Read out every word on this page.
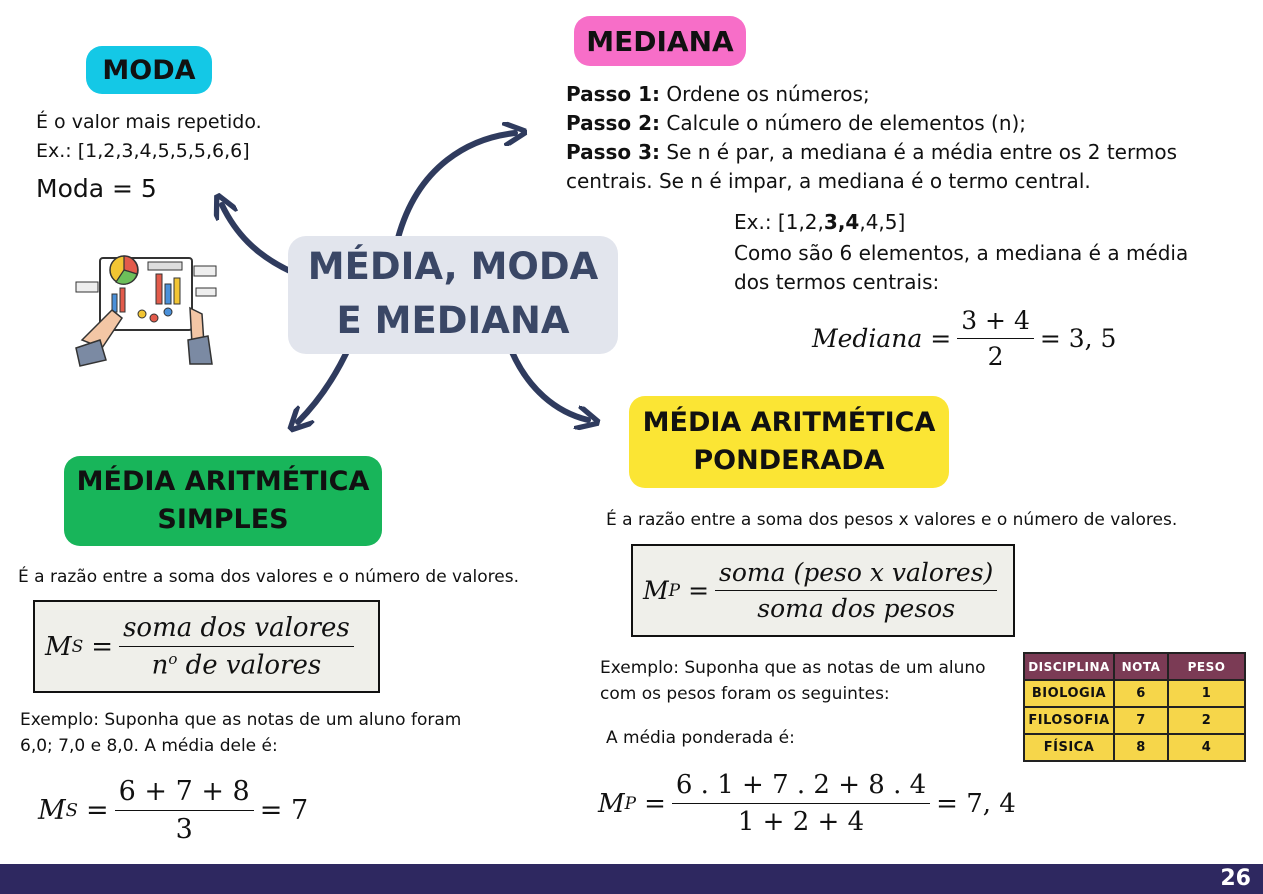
MÉDIA, MODA
E MEDIANA
MODA
É o valor mais repetido.
Ex.: [1,2,3,4,5,5,5,6,6]
Moda = 5
MEDIANA
Passo 1: Ordene os números;
Passo 2: Calcule o número de elementos (n);
Passo 3: Se n é par, a mediana é a média entre os 2 termos
centrais. Se n é impar, a mediana é o termo central.
Ex.: [1,2,3,4,4,5]
Como são 6 elementos, a mediana é a média
dos termos centrais:
Mediana = $\frac{3 + 4}{2} = 3$, 5
MÉDIA ARITMÉTICA
SIMPLES
É a razão entre a soma dos valores e o número de valores.
M $S = \frac{\text{soma dos valores}}{n^o de valores}$
Exemplo: Suponha que as notas de um aluno foram
6,0; 7,0 e 8,0. A média dele é:
M $S = \frac{6 + 7 + 8}{3} = 7$
MÉDIA ARITMÉTICA
PONDERADA
É a razão entre a soma dos pesos x valores e o número de valores.
M $P = \frac{\text{soma (peso x valores)}}{\text{soma dos pesos}}$
Exemplo: Suponha que as notas de um aluno
com os pesos foram os seguintes:
A média ponderada é:
M $P = \frac{6 . 1 + 7 . 2 + 8 . 4}{1 + 2 + 4} = 7$, 4
DISCIPLINA	NOTA	PESO
BIOLOGIA	6	1
FILOSOFIA	7	2
FÍSICA	8	4
26
